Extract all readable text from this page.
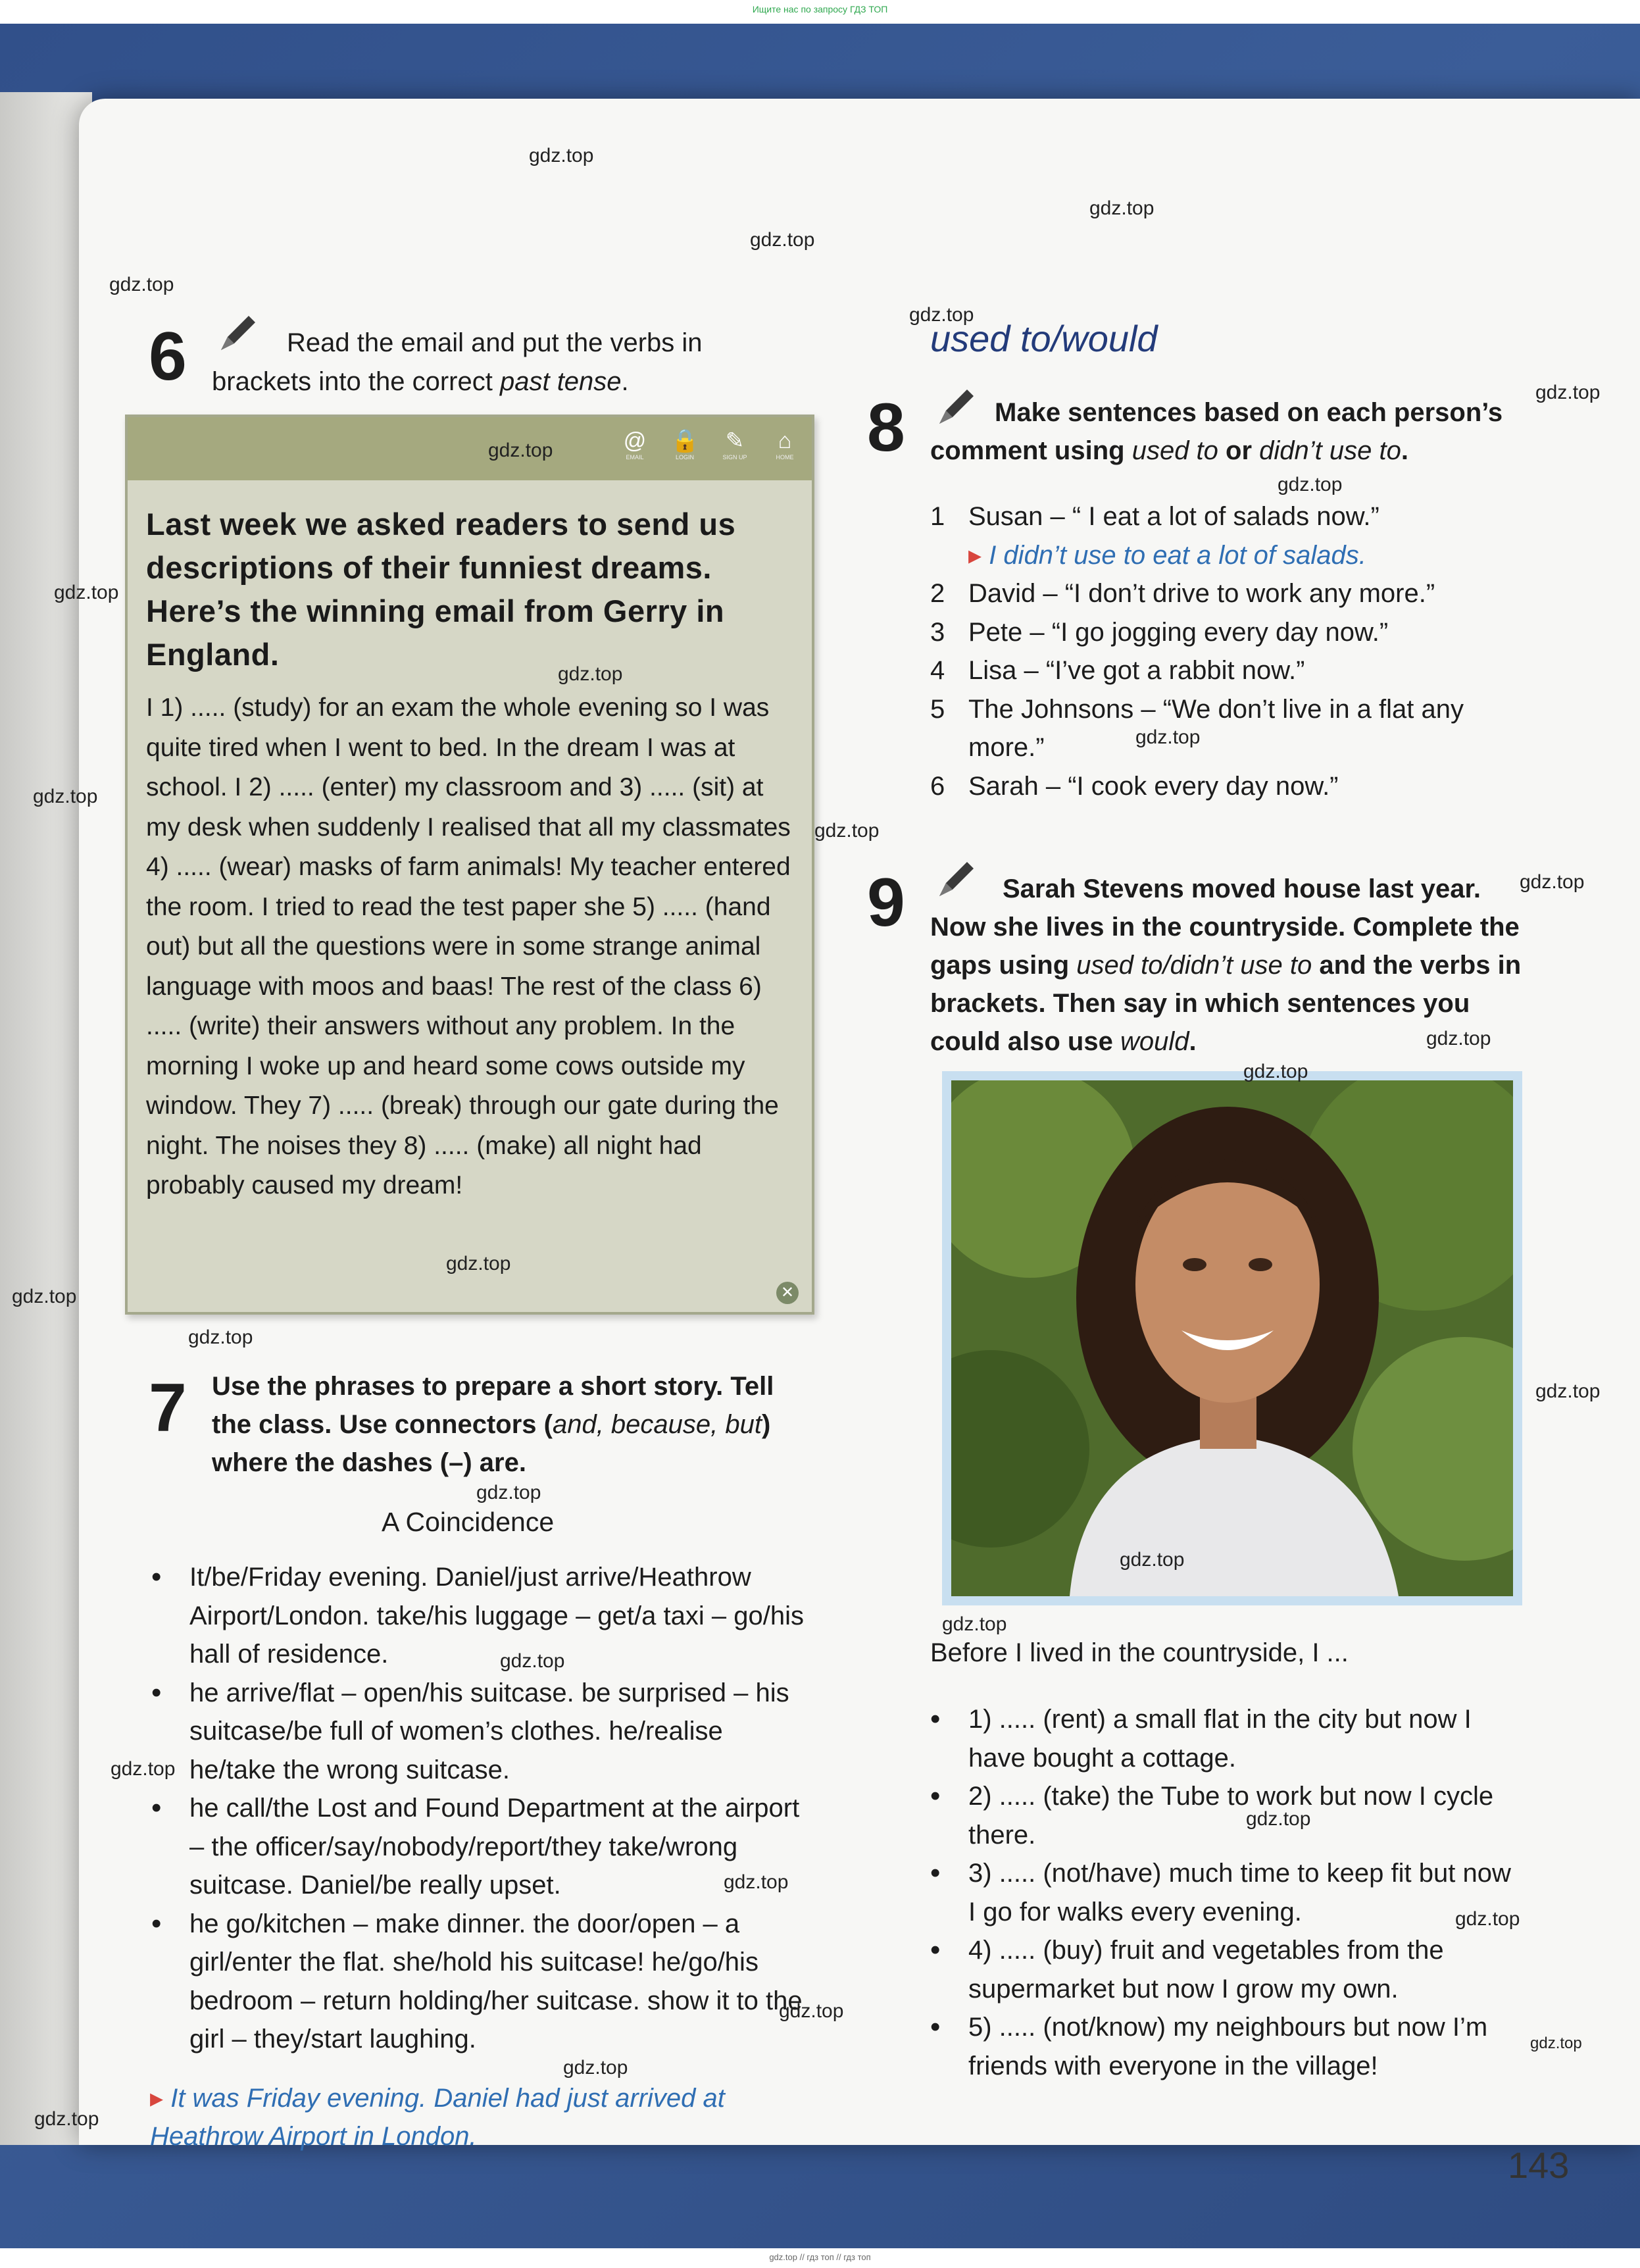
Ищите нас по запросу ГДЗ ТОП
6	Read the email and put the verbs in
brackets into the correct past tense.
@
EMAIL
🔒
LOGIN
✎
SIGN UP
⌂
HOME
Last week we asked readers to send us descriptions of their funniest dreams. Here’s the winning email from Gerry in England.
I 1) ..... (study) for an exam the whole evening so I was quite tired when I went to bed. In the dream I was at school. I 2) ..... (enter) my classroom and 3) ..... (sit) at my desk when suddenly I realised that all my classmates 4) ..... (wear) masks of farm animals! My teacher entered the room. I tried to read the test paper she 5) ..... (hand out) but all the questions were in some strange animal language with moos and baas! The rest of the class 6) ..... (write) their answers without any problem. In the morning I woke up and heard some cows outside my window. They 7) ..... (break) through our gate during the night. The noises they 8) ..... (make) all night had probably caused my dream!
✕
7 Use the phrases to prepare a short story. Tell
the class. Use connectors (and, because, but)
where the dashes (–) are.
A Coincidence
•	It/be/Friday evening. Daniel/just arrive/Heathrow Airport/London. take/his luggage – get/a taxi – go/his hall of residence.
•	he arrive/flat – open/his suitcase. be surprised – his suitcase/be full of women’s clothes. he/realise he/take the wrong suitcase.
•	he call/the Lost and Found Department at the airport – the officer/say/nobody/report/they take/wrong suitcase. Daniel/be really upset.
•	he go/kitchen – make dinner. the door/open – a girl/enter the flat. she/hold his suitcase! he/go/his bedroom – return holding/her suitcase. show it to the girl – they/start laughing.
▸ It was Friday evening. Daniel had just arrived at Heathrow Airport in London.
used to/would
8	Make sentences based on each person’s
comment using used to or didn’t use to.
1 Susan – “ I eat a lot of salads now.”
▸ I didn’t use to eat a lot of salads.
2 David – “I don’t drive to work any more.”
3 Pete – “I go jogging every day now.”
4 Lisa – “I’ve got a rabbit now.”
5 The Johnsons – “We don’t live in a flat any more.”
6 Sarah – “I cook every day now.”
9	Sarah Stevens moved house last year.
Now she lives in the countryside. Complete the
gaps using used to/didn’t use to and the verbs in
brackets. Then say in which sentences you
could also use would.
Before I lived in the countryside, I ...
•	1) ..... (rent) a small flat in the city but now I have bought a cottage.
•	2) ..... (take) the Tube to work but now I cycle there.
•	3) ..... (not/have) much time to keep fit but now I go for walks every evening.
•	4) ..... (buy) fruit and vegetables from the supermarket but now I grow my own.
•	5) ..... (not/know) my neighbours but now I’m friends with everyone in the village!
143
gdz.top
gdz.top
gdz.top
gdz.top
gdz.top
gdz.top
gdz.top
gdz.top
gdz.top
gdz.top
gdz.top
gdz.top
gdz.top
gdz.top
gdz.top
gdz.top
gdz.top
gdz.top
gdz.top
gdz.top
gdz.top
gdz.top
gdz.top
gdz.top
gdz.top
gdz.top
gdz.top
gdz.top
gdz.top
gdz.top
gdz.top
gdz.top
gdz.top // гдз топ // гдз топ
